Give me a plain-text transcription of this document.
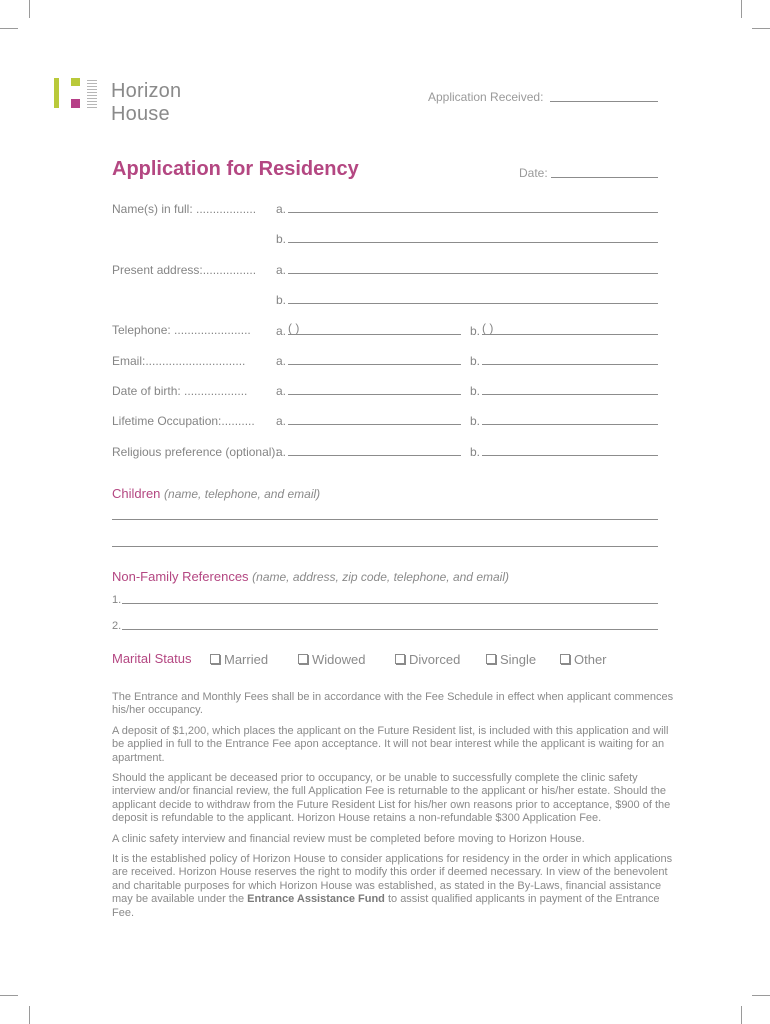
Horizon House
Application Received:
Application for Residency	Date:
Name(s) in full: .................. a.
b.
Present address:................ a.
b.
Telephone: ....................... a. ( )	b. ( )
Email:..............................	a.	b.
Date of birth: ................... a.	b.
Lifetime Occupation:.......... a.	b.
Religious preference (optional):
a.	b.
Children (name, telephone, and email)
Non-Family References (name, address, zip code, telephone, and email)
1.
2.
Marital Status	Married	Widowed	Divorced	Single	Other

The Entrance and Monthly Fees shall be in accordance with the Fee Schedule in effect when applicant commences his/her occupancy.

A deposit of $1,200, which places the applicant on the Future Resident list, is included with this application and will be applied in full to the Entrance Fee apon acceptance. It will not bear interest while the applicant is waiting for an apartment.

Should the applicant be deceased prior to occupancy, or be unable to successfully complete the clinic safety interview and/or financial review, the full Application Fee is returnable to the applicant or his/her estate. Should the applicant decide to withdraw from the Future Resident List for his/her own reasons prior to acceptance, $900 of the deposit is refundable to the applicant. Horizon House retains a non-refundable $300 Application Fee.

A clinic safety interview and financial review must be completed before moving to Horizon House.

It is the established policy of Horizon House to consider applications for residency in the order in which applications are received. Horizon House reserves the right to modify this order if deemed necessary. In view of the benevolent and charitable purposes for which Horizon House was established, as stated in the By-Laws, financial assistance may be available under the Entrance Assistance Fund to assist qualified applicants in payment of the Entrance Fee.
